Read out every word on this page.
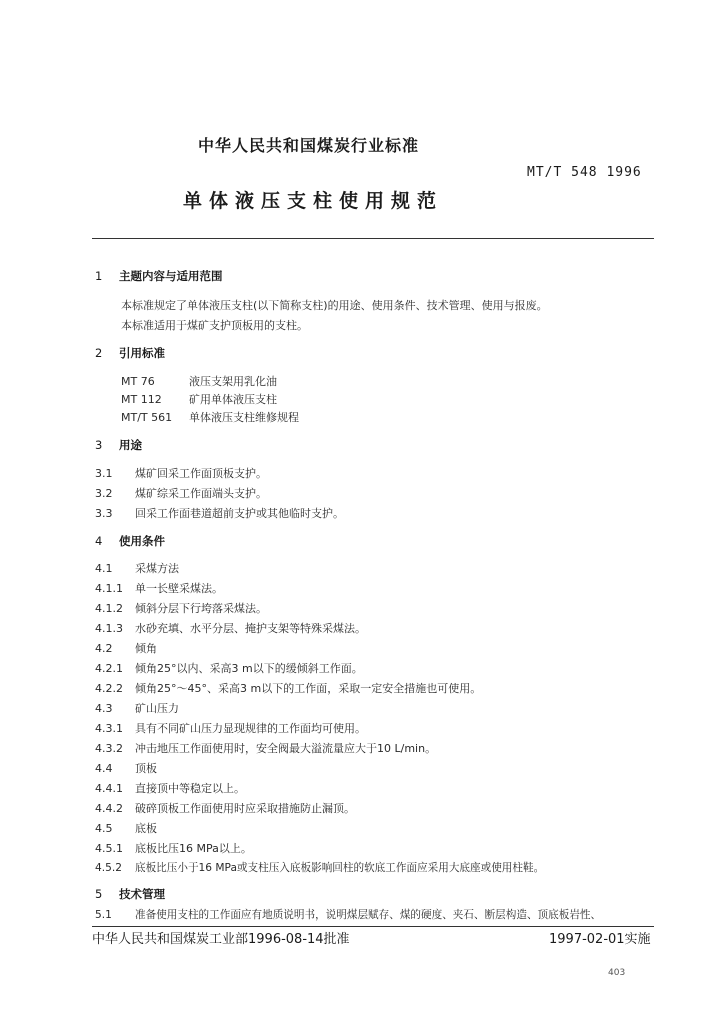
中华人民共和国煤炭行业标准
MT/T 548 1996
单体液压支柱使用规范
1 主题内容与适用范围
本标准规定了单体液压支柱(以下简称支柱)的用途、使用条件、技术管理、使用与报废。
本标准适用于煤矿支护顶板用的支柱。
2 引用标准
MT 76	液压支架用乳化油
MT 112 矿用单体液压支柱
MT/T 561 单体液压支柱维修规程
3 用途
3.1 煤矿回采工作面顶板支护。
3.2 煤矿综采工作面端头支护。
3.3 回采工作面巷道超前支护或其他临时支护。
4 使用条件
4.1 采煤方法
4.1.1 单一长壁采煤法。
4.1.2 倾斜分层下行垮落采煤法。
4.1.3 水砂充填、水平分层、掩护支架等特殊采煤法。
4.2 倾角
4.2.1 倾角25°以内、采高3 m以下的缓倾斜工作面。
4.2.2 倾角25°～45°、采高3 m以下的工作面，采取一定安全措施也可使用。
4.3 矿山压力
4.3.1 具有不同矿山压力显现规律的工作面均可使用。
4.3.2 冲击地压工作面使用时，安全阀最大溢流量应大于10 L/min。
4.4 顶板
4.4.1 直接顶中等稳定以上。
4.4.2 破碎顶板工作面使用时应采取措施防止漏顶。
4.5 底板
4.5.1 底板比压16 MPa以上。
4.5.2 底板比压小于16 MPa或支柱压入底板影响回柱的软底工作面应采用大底座或使用柱鞋。
5 技术管理
5.1 准备使用支柱的工作面应有地质说明书，说明煤层赋存、煤的硬度、夹石、断层构造、顶底板岩性、
中华人民共和国煤炭工业部1996-08-14批准	1997-02-01实施
403
